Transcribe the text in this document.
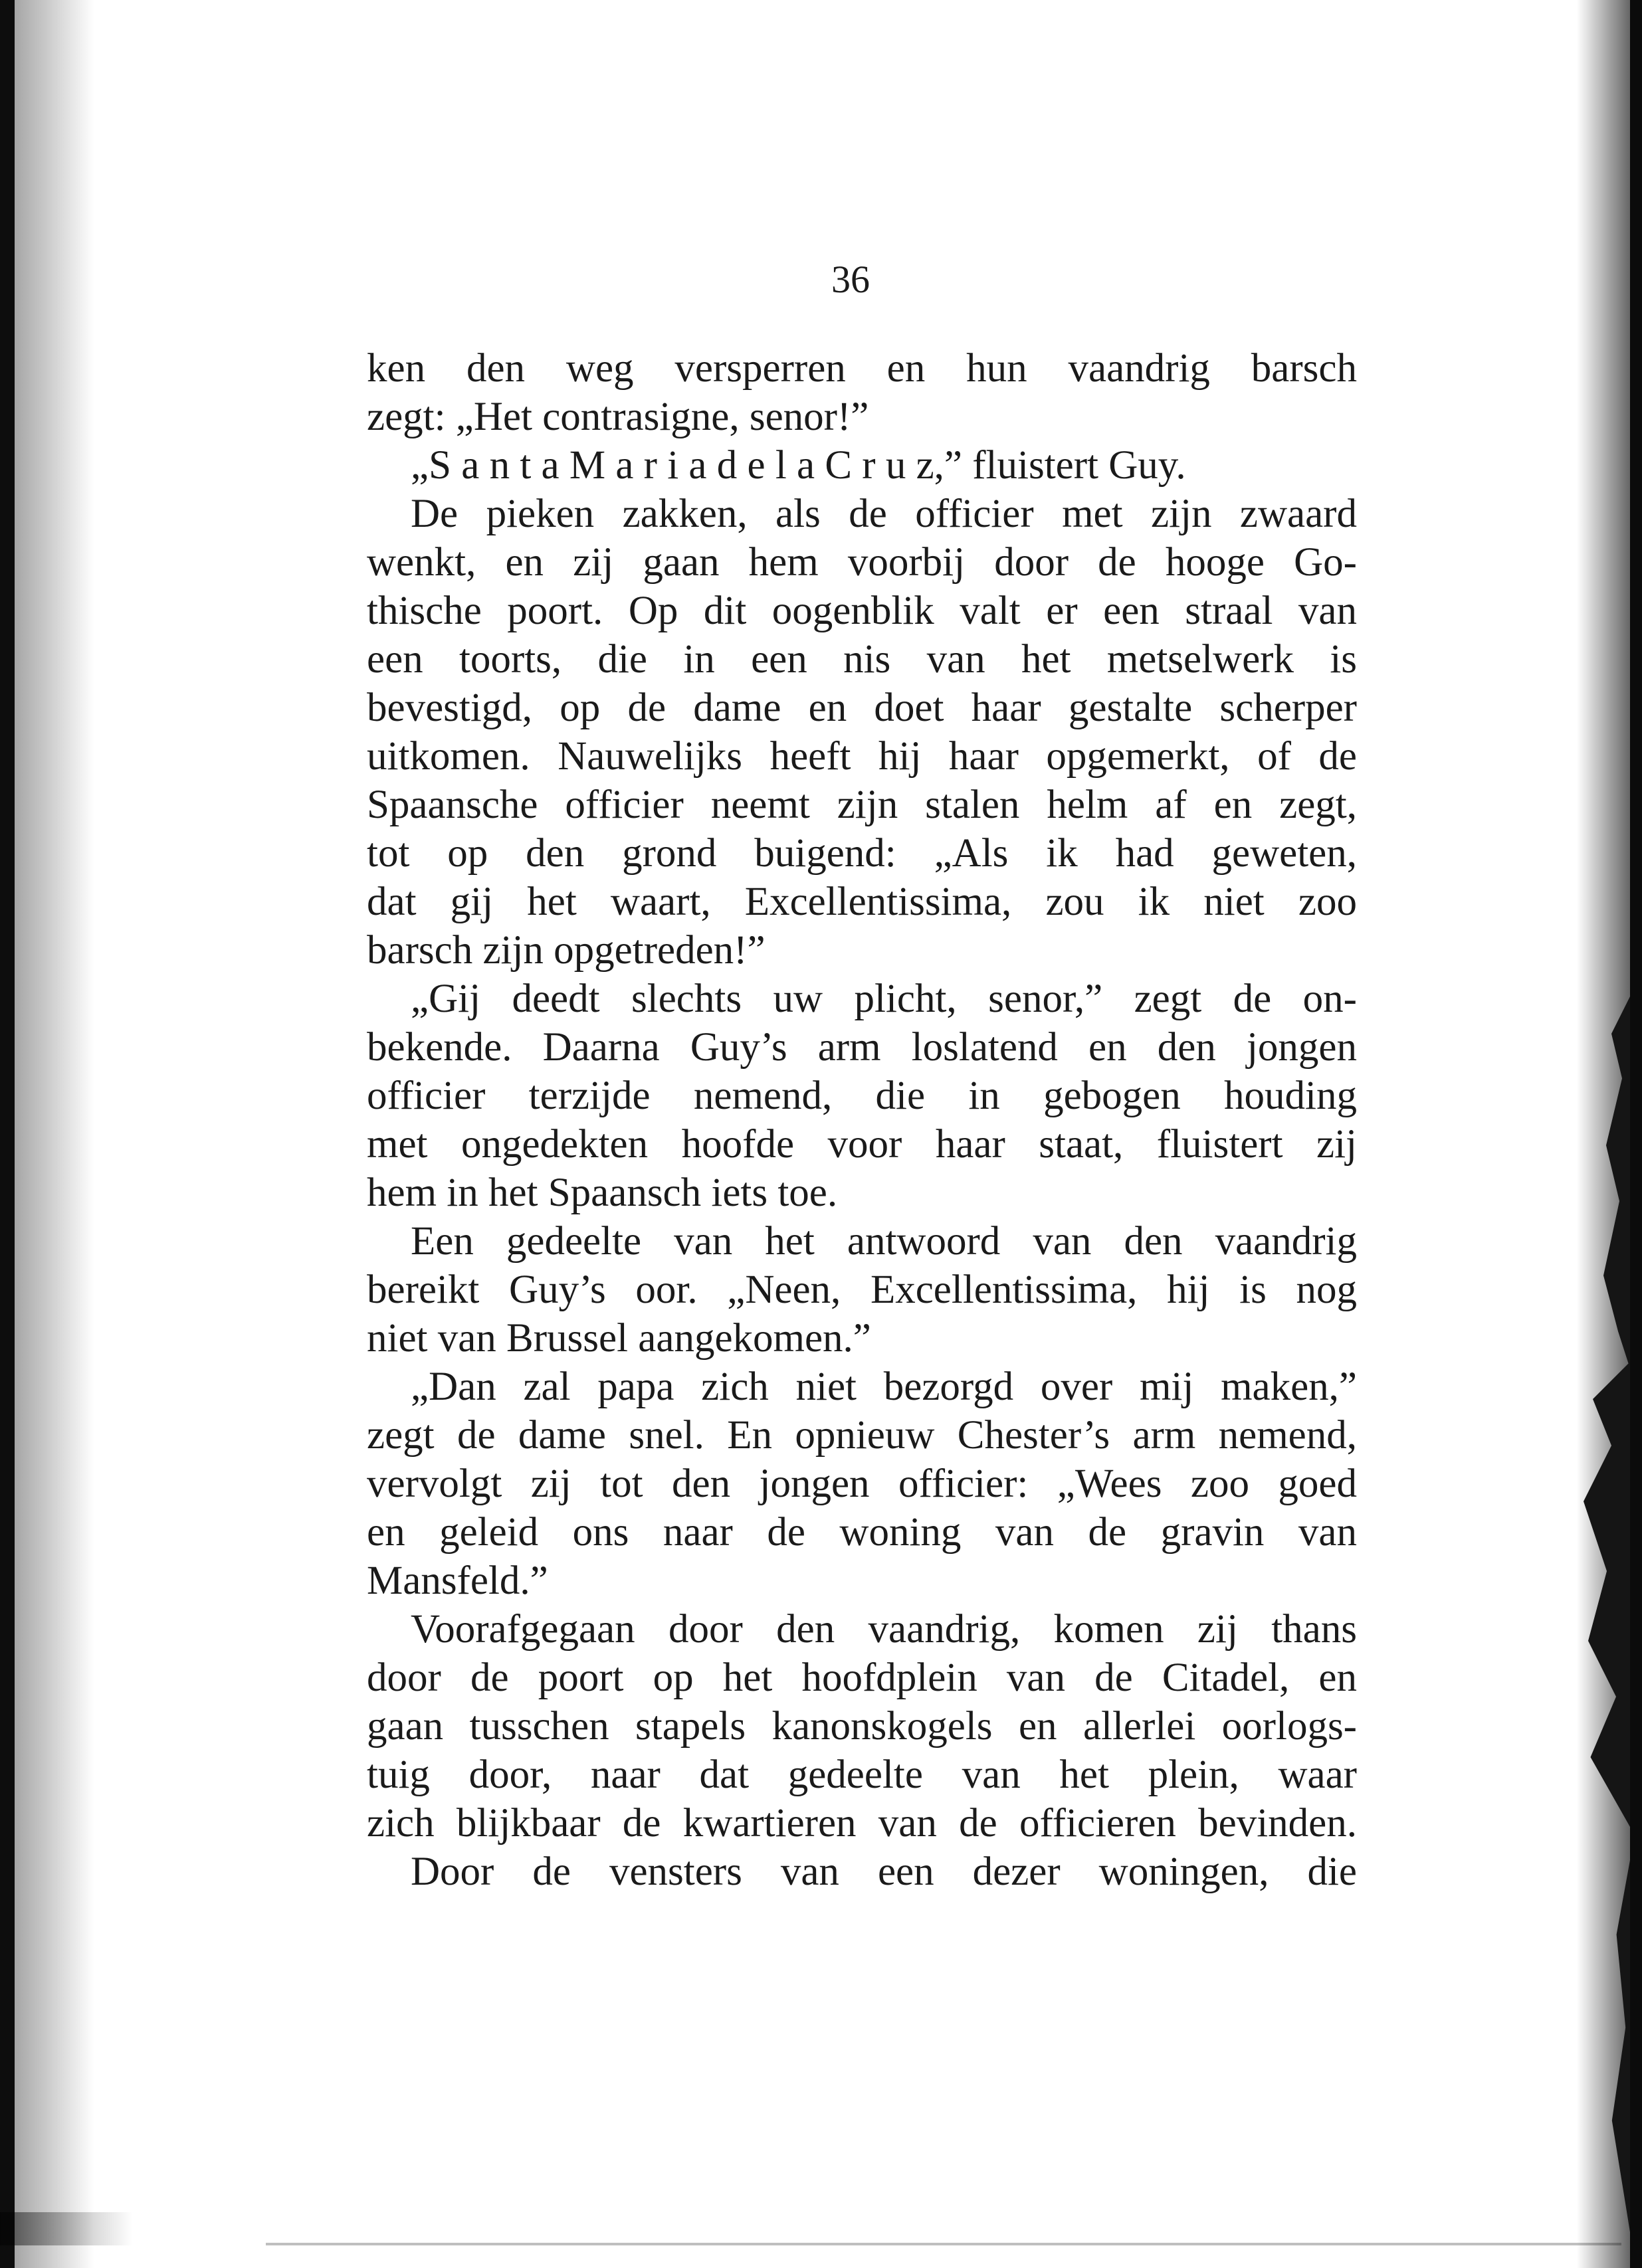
36
ken den weg versperren en hun vaandrig barsch
zegt: „Het contrasigne, senor!”
„S a n t a M a r i a d e l a C r u z,” fluistert Guy.
De pieken zakken, als de officier met zijn zwaard
wenkt, en zij gaan hem voorbij door de hooge Go-
thische poort. Op dit oogenblik valt er een straal van
een toorts, die in een nis van het metselwerk is
bevestigd, op de dame en doet haar gestalte scherper
uitkomen. Nauwelijks heeft hij haar opgemerkt, of de
Spaansche officier neemt zijn stalen helm af en zegt,
tot op den grond buigend: „Als ik had geweten,
dat gij het waart, Excellentissima, zou ik niet zoo
barsch zijn opgetreden!”
„Gij deedt slechts uw plicht, senor,” zegt de on-
bekende. Daarna Guy’s arm loslatend en den jongen
officier terzijde nemend, die in gebogen houding
met ongedekten hoofde voor haar staat, fluistert zij
hem in het Spaansch iets toe.
Een gedeelte van het antwoord van den vaandrig
bereikt Guy’s oor. „Neen, Excellentissima, hij is nog
niet van Brussel aangekomen.”
„Dan zal papa zich niet bezorgd over mij maken,”
zegt de dame snel. En opnieuw Chester’s arm nemend,
vervolgt zij tot den jongen officier: „Wees zoo goed
en geleid ons naar de woning van de gravin van
Mansfeld.”
Voorafgegaan door den vaandrig, komen zij thans
door de poort op het hoofdplein van de Citadel, en
gaan tusschen stapels kanonskogels en allerlei oorlogs-
tuig door, naar dat gedeelte van het plein, waar
zich blijkbaar de kwartieren van de officieren bevinden.
Door de vensters van een dezer woningen, die
